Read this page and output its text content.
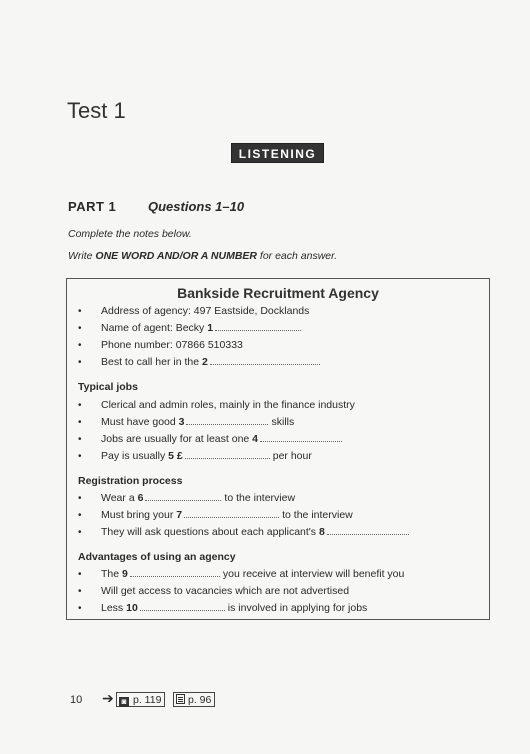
Test 1
LISTENING
PART 1 Questions 1–10
Complete the notes below.
Write ONE WORD AND/OR A NUMBER for each answer.
Bankside Recruitment Agency
• Address of agency: 497 Eastside, Docklands
• Name of agent: Becky 1
• Phone number: 07866 510333
• Best to call her in the 2
Typical jobs
• Clerical and admin roles, mainly in the finance industry
• Must have good 3	skills
• Jobs are usually for at least one 4
• Pay is usually 5 £	per hour
Registration process
• Wear a 6	to the interview
• Must bring your 7	to the interview
• They will ask questions about each applicant's 8
Advantages of using an agency
• The 9	you receive at interview will benefit you
• Will get access to vacancies which are not advertised
• Less 10	is involved in applying for jobs
10 ➔ ◙ p. 119	p. 96
